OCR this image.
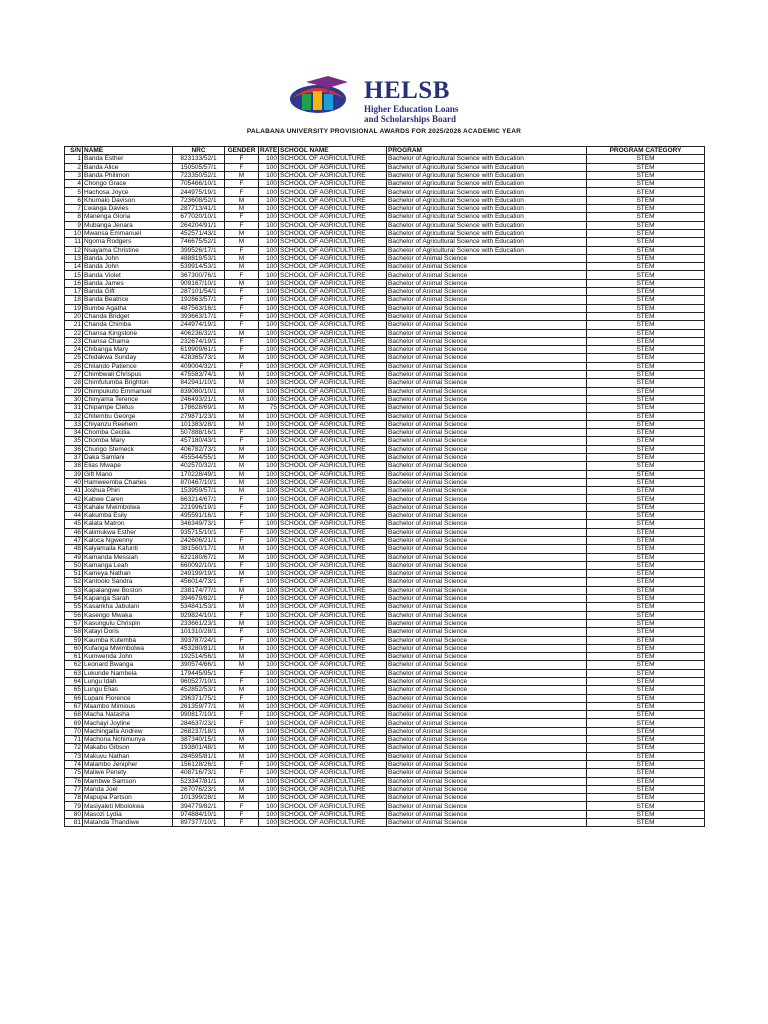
HELSB
Higher Education Loans
and Scholarships Board
PALABANA UNIVERSITY PROVISIONAL AWARDS FOR 2025/2026 ACADEMIC YEAR
S/N	NAME	NRC	GENDER	RATE	SCHOOL NAME	PROGRAM	PROGRAM CATEGORY
1	Banda Esther	823133/52/1	F	100	SCHOOL OF AGRICULTURE	Bachelor of Agricultural Science with Education	STEM
2	Banda Alice	150505/57/1	F	100	SCHOOL OF AGRICULTURE	Bachelor of Agricultural Science with Education	STEM
3	Banda Philimon	723350/52/1	M	100	SCHOOL OF AGRICULTURE	Bachelor of Agricultural Science with Education	STEM
4	Chongo Grace	705466/10/1	F	100	SCHOOL OF AGRICULTURE	Bachelor of Agricultural Science with Education	STEM
5	Hachosa Joyce	244975/19/1	F	100	SCHOOL OF AGRICULTURE	Bachelor of Agricultural Science with Education	STEM
6	Khumalo Davison	723608/52/1	M	100	SCHOOL OF AGRICULTURE	Bachelor of Agricultural Science with Education	STEM
7	Lwanga Davies	287713/41/1	M	100	SCHOOL OF AGRICULTURE	Bachelor of Agricultural Science with Education	STEM
8	Manenga Gloria	677020/10/1	F	100	SCHOOL OF AGRICULTURE	Bachelor of Agricultural Science with Education	STEM
9	Mubanga Jenara	264204/91/1	F	100	SCHOOL OF AGRICULTURE	Bachelor of Agricultural Science with Education	STEM
10	Mwansa Emmanuel	452571/43/1	M	100	SCHOOL OF AGRICULTURE	Bachelor of Agricultural Science with Education	STEM
11	Ngoma Rodgers	746675/52/1	M	100	SCHOOL OF AGRICULTURE	Bachelor of Agricultural Science with Education	STEM
12	Nsayama Christine	399526/17/1	F	100	SCHOOL OF AGRICULTURE	Bachelor of Agricultural Science with Education	STEM
13	Banda John	488819/53/1	M	100	SCHOOL OF AGRICULTURE	Bachelor of Animal Science	STEM
14	Banda John	539914/53/1	M	100	SCHOOL OF AGRICULTURE	Bachelor of Animal Science	STEM
15	Banda Violet	367300/76/1	F	100	SCHOOL OF AGRICULTURE	Bachelor of Animal Science	STEM
16	Banda James	909167/10/1	M	100	SCHOOL OF AGRICULTURE	Bachelor of Animal Science	STEM
17	Banda Gift	287101/54/1	F	100	SCHOOL OF AGRICULTURE	Bachelor of Animal Science	STEM
18	Banda Beatrice	192863/57/1	F	100	SCHOOL OF AGRICULTURE	Bachelor of Animal Science	STEM
19	Bumbe Agatha	487563/16/1	F	100	SCHOOL OF AGRICULTURE	Bachelor of Animal Science	STEM
20	Chanda Bridget	393663/17/1	F	100	SCHOOL OF AGRICULTURE	Bachelor of Animal Science	STEM
21	Chanda Chimba	244974/19/1	F	100	SCHOOL OF AGRICULTURE	Bachelor of Animal Science	STEM
22	Chansa Kingstone	406236/32/1	M	100	SCHOOL OF AGRICULTURE	Bachelor of Animal Science	STEM
23	Chansa Chama	232674/19/1	F	100	SCHOOL OF AGRICULTURE	Bachelor of Animal Science	STEM
24	Chibanga Mary	619909/61/1	F	100	SCHOOL OF AGRICULTURE	Bachelor of Animal Science	STEM
25	Chidakwa Sunday	428365/73/1	M	100	SCHOOL OF AGRICULTURE	Bachelor of Animal Science	STEM
26	Chilando Patience	409004/32/1	F	100	SCHOOL OF AGRICULTURE	Bachelor of Animal Science	STEM
27	Chimbwali Chrispus	475583/74/1	M	100	SCHOOL OF AGRICULTURE	Bachelor of Animal Science	STEM
28	Chimfutumba Brighton	842941/10/1	M	100	SCHOOL OF AGRICULTURE	Bachelor of Animal Science	STEM
29	Chimpukuto Emmanuel	839080/10/1	M	100	SCHOOL OF AGRICULTURE	Bachelor of Animal Science	STEM
30	Chinyama Terence	246493/21/1	M	100	SCHOOL OF AGRICULTURE	Bachelor of Animal Science	STEM
31	Chipampe Cletus	178628/69/1	M	75	SCHOOL OF AGRICULTURE	Bachelor of Animal Science	STEM
32	Chitembu George	279871/23/1	M	100	SCHOOL OF AGRICULTURE	Bachelor of Animal Science	STEM
33	Chiyanzu Reehem	101383/28/1	M	100	SCHOOL OF AGRICULTURE	Bachelor of Animal Science	STEM
34	Chomba Cecilia	507888/16/1	F	100	SCHOOL OF AGRICULTURE	Bachelor of Animal Science	STEM
35	Chomba Mary	457180/43/1	F	100	SCHOOL OF AGRICULTURE	Bachelor of Animal Science	STEM
36	Chungo Stemeck	406782/73/1	M	100	SCHOOL OF AGRICULTURE	Bachelor of Animal Science	STEM
37	Daka Samlani	455544/55/1	M	100	SCHOOL OF AGRICULTURE	Bachelor of Animal Science	STEM
38	Elias Mwape	402570/32/1	M	100	SCHOOL OF AGRICULTURE	Bachelor of Animal Science	STEM
39	Gift Mano	170228/49/1	M	100	SCHOOL OF AGRICULTURE	Bachelor of Animal Science	STEM
40	Hamweemba Charles	870467/10/1	M	100	SCHOOL OF AGRICULTURE	Bachelor of Animal Science	STEM
41	Joshua Phiri	153959/57/1	M	100	SCHOOL OF AGRICULTURE	Bachelor of Animal Science	STEM
42	Kabwe Caren	663214/67/1	F	100	SCHOOL OF AGRICULTURE	Bachelor of Animal Science	STEM
43	Kahale Mwimbolwa	221996/19/1	F	100	SCHOOL OF AGRICULTURE	Bachelor of Animal Science	STEM
44	Kakumba Esily	495591/16/1	F	100	SCHOOL OF AGRICULTURE	Bachelor of Animal Science	STEM
45	Kalata Matron	346349/73/1	F	100	SCHOOL OF AGRICULTURE	Bachelor of Animal Science	STEM
46	Kalimukwa Esther	935715/10/1	F	100	SCHOOL OF AGRICULTURE	Bachelor of Animal Science	STEM
47	Kaloca Ngwenny	242606/21/1	F	100	SCHOOL OF AGRICULTURE	Bachelor of Animal Science	STEM
48	Kalyamaila Kafunti	381560/17/1	M	100	SCHOOL OF AGRICULTURE	Bachelor of Animal Science	STEM
49	Kamanda Messiah	622180/67/1	M	100	SCHOOL OF AGRICULTURE	Bachelor of Animal Science	STEM
50	Kamanga Leah	660092/10/1	F	100	SCHOOL OF AGRICULTURE	Bachelor of Animal Science	STEM
51	Kameya Nathan	249199/19/1	M	100	SCHOOL OF AGRICULTURE	Bachelor of Animal Science	STEM
52	Kantoolo Sandra	456014/73/1	F	100	SCHOOL OF AGRICULTURE	Bachelor of Animal Science	STEM
53	Kapalangwe Boston	238174/77/1	M	100	SCHOOL OF AGRICULTURE	Bachelor of Animal Science	STEM
54	Kapanga Sarah	394679/82/1	F	100	SCHOOL OF AGRICULTURE	Bachelor of Animal Science	STEM
55	Kasankha Jabulani	534841/53/1	M	100	SCHOOL OF AGRICULTURE	Bachelor of Animal Science	STEM
56	Kasengo Mwaka	929824/10/1	F	100	SCHOOL OF AGRICULTURE	Bachelor of Animal Science	STEM
57	Kasungulu Chrispin	233661/23/1	M	100	SCHOOL OF AGRICULTURE	Bachelor of Animal Science	STEM
58	Katayi Doris	101310/28/1	F	100	SCHOOL OF AGRICULTURE	Bachelor of Animal Science	STEM
59	Kaumba Kutemba	393787/24/1	F	100	SCHOOL OF AGRICULTURE	Bachelor of Animal Science	STEM
60	Kufanga Mwimbolwa	453280/81/1	M	100	SCHOOL OF AGRICULTURE	Bachelor of Animal Science	STEM
61	Kumwenda John	192514/56/1	M	100	SCHOOL OF AGRICULTURE	Bachelor of Animal Science	STEM
62	Leonard Bwanga	390574/66/1	M	100	SCHOOL OF AGRICULTURE	Bachelor of Animal Science	STEM
63	Lukunde Nambela	179445/95/1	F	100	SCHOOL OF AGRICULTURE	Bachelor of Animal Science	STEM
64	Lungu Idah	960527/10/1	F	100	SCHOOL OF AGRICULTURE	Bachelor of Animal Science	STEM
65	Lungu Elias	452852/53/1	M	100	SCHOOL OF AGRICULTURE	Bachelor of Animal Science	STEM
66	Lupani Florence	296371/75/1	F	100	SCHOOL OF AGRICULTURE	Bachelor of Animal Science	STEM
67	Maambo Mimious	261359/77/1	M	100	SCHOOL OF AGRICULTURE	Bachelor of Animal Science	STEM
68	Macha Natasha	990817/10/1	F	100	SCHOOL OF AGRICULTURE	Bachelor of Animal Science	STEM
69	Machayi Joyline	284637/23/1	F	100	SCHOOL OF AGRICULTURE	Bachelor of Animal Science	STEM
70	Machingaifa Andrew	268237/18/1	M	100	SCHOOL OF AGRICULTURE	Bachelor of Animal Science	STEM
71	Machona Nchimunya	387340/15/1	M	100	SCHOOL OF AGRICULTURE	Bachelor of Animal Science	STEM
72	Makabu Gibson	193801/48/1	M	100	SCHOOL OF AGRICULTURE	Bachelor of Animal Science	STEM
73	Makuvu Nathan	284595/81/1	M	100	SCHOOL OF AGRICULTURE	Bachelor of Animal Science	STEM
74	Malambo Jenipher	156128/26/1	F	100	SCHOOL OF AGRICULTURE	Bachelor of Animal Science	STEM
75	Maliwe Penety	408716/73/1	F	100	SCHOOL OF AGRICULTURE	Bachelor of Animal Science	STEM
76	Mambwe Samson	523347/81/1	M	100	SCHOOL OF AGRICULTURE	Bachelor of Animal Science	STEM
77	Manda Joel	267076/23/1	M	100	SCHOOL OF AGRICULTURE	Bachelor of Animal Science	STEM
78	Mapupa Partson	101399/28/1	M	100	SCHOOL OF AGRICULTURE	Bachelor of Animal Science	STEM
79	Masiyaleti Mbolokwa	394779/82/1	F	100	SCHOOL OF AGRICULTURE	Bachelor of Animal Science	STEM
80	Masozi Lydia	974884/10/1	F	100	SCHOOL OF AGRICULTURE	Bachelor of Animal Science	STEM
81	Matanda Thandiwe	897377/10/1	F	100	SCHOOL OF AGRICULTURE	Bachelor of Animal Science	STEM
